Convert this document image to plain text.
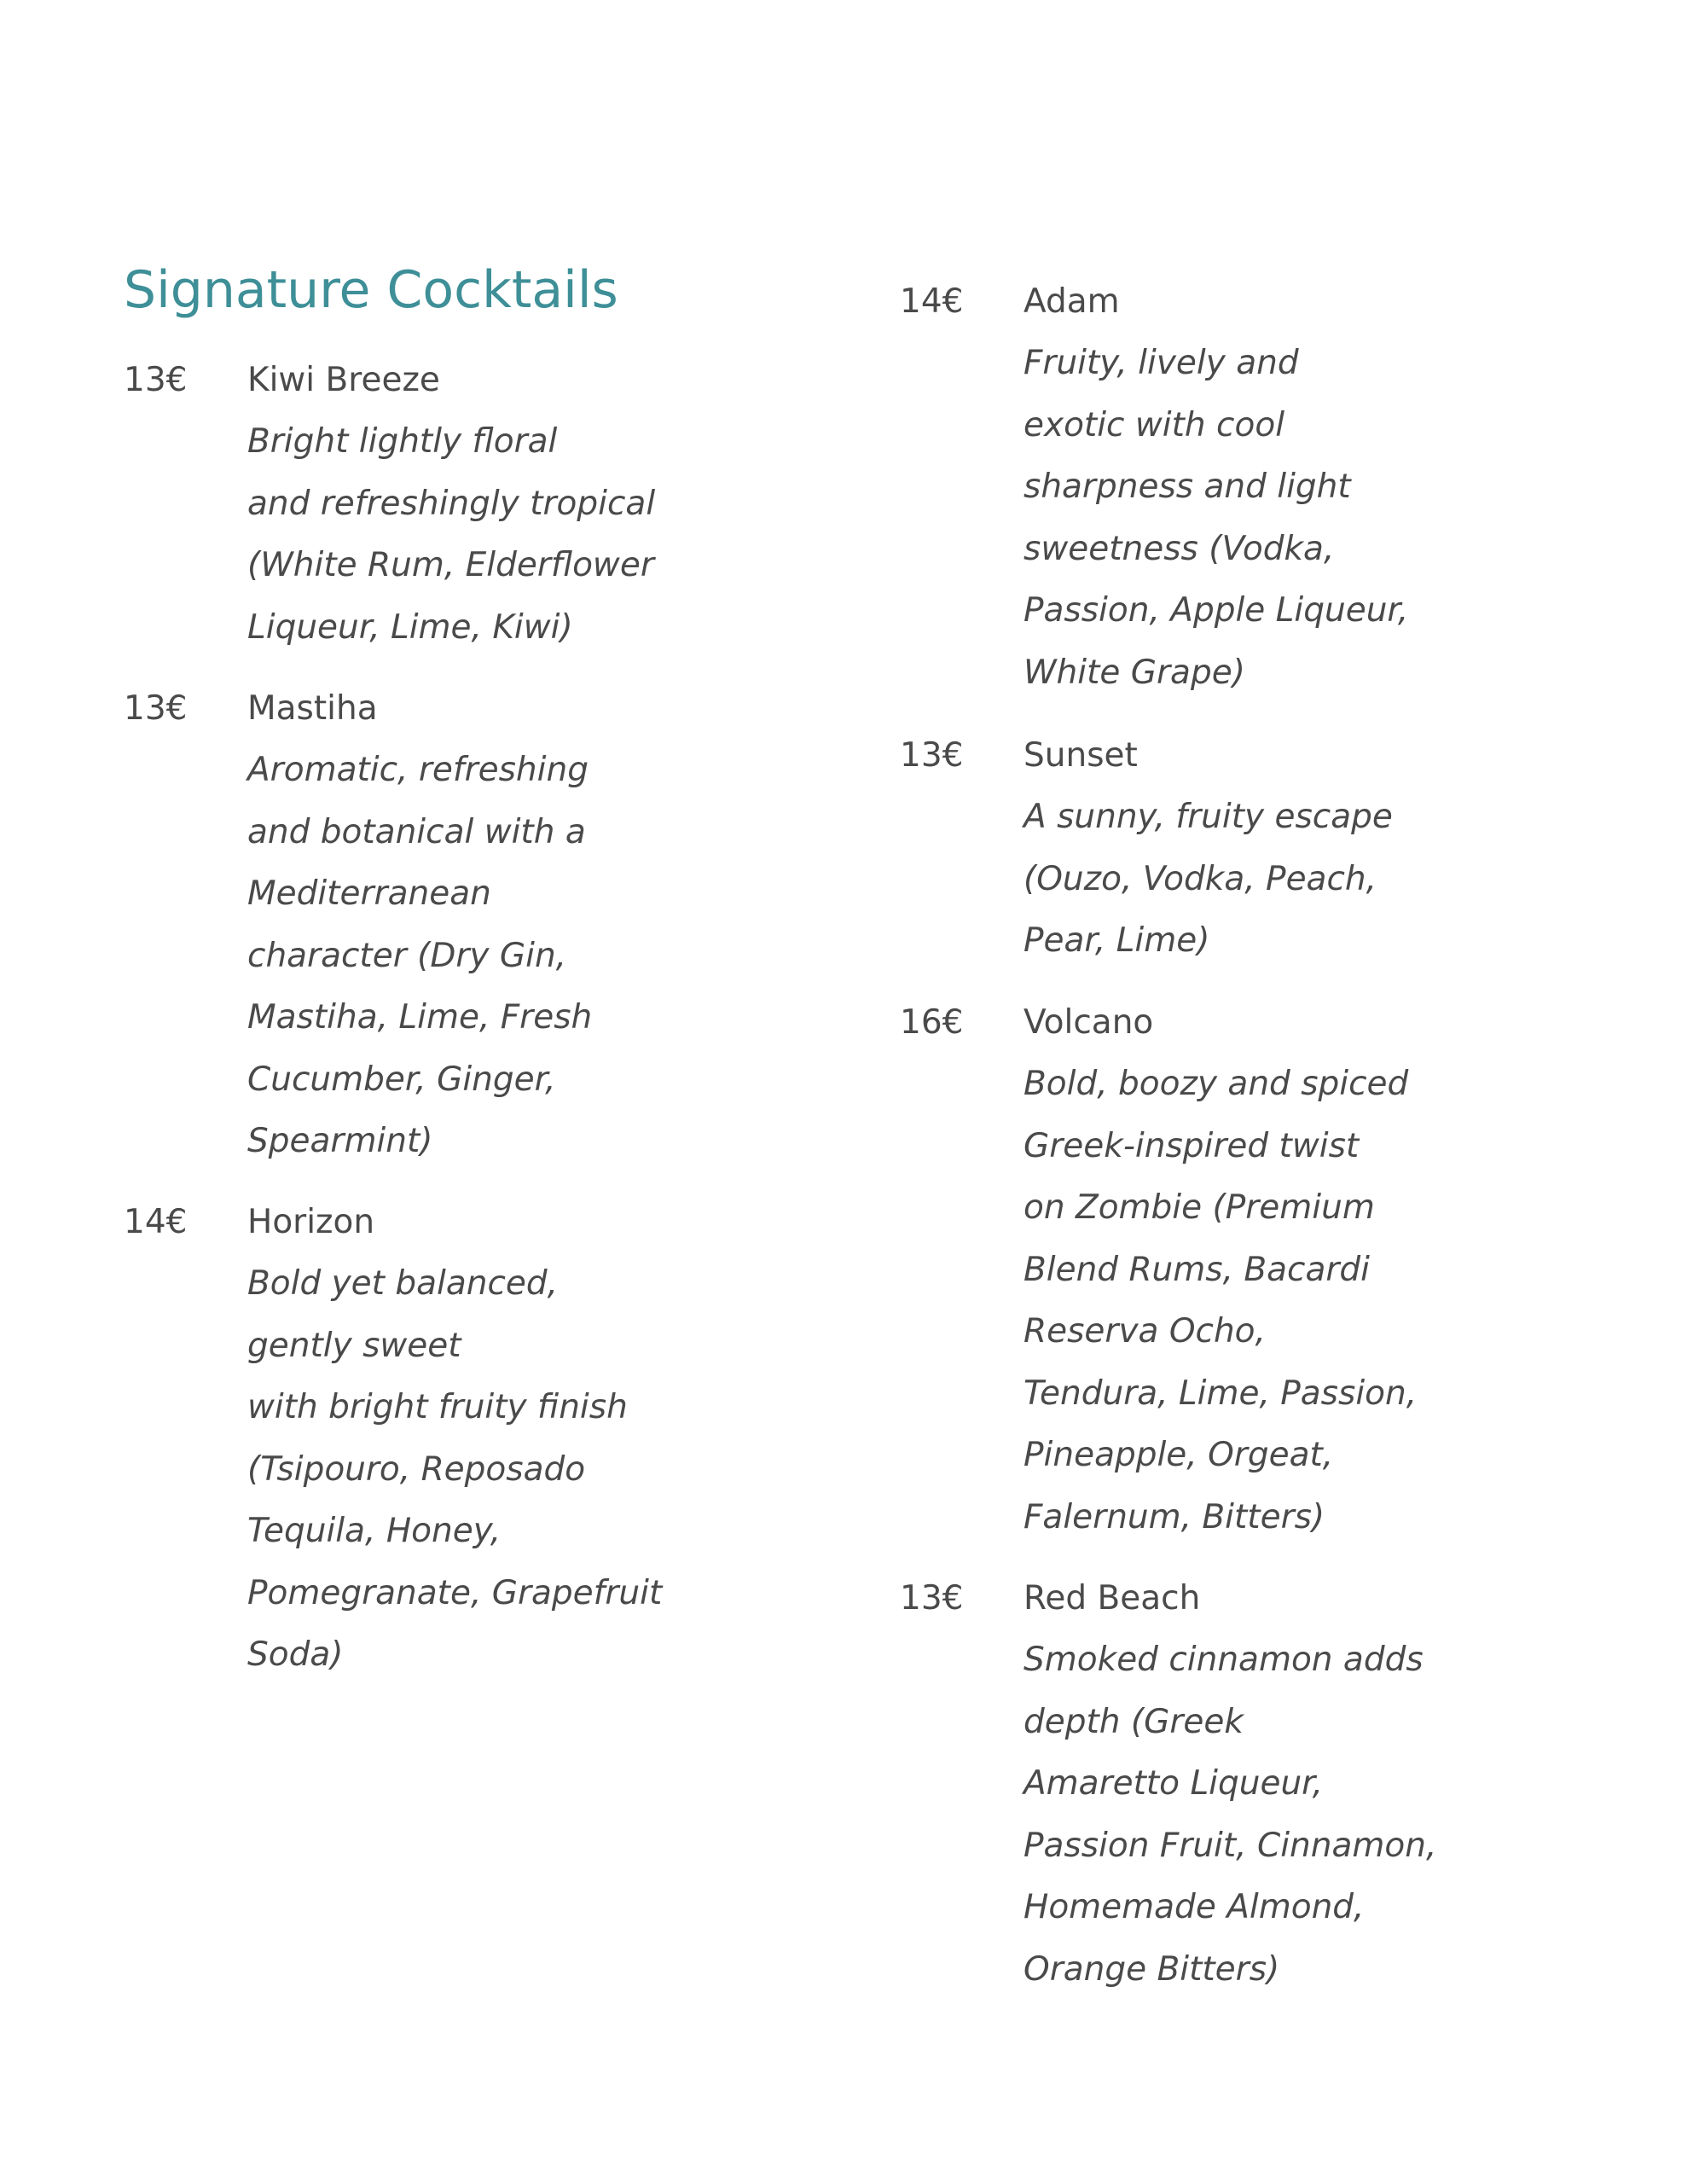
Signature Cocktails
13€ Kiwi Breeze
Bright lightly floral
and refreshingly tropical
(White Rum, Elderflower
Liqueur, Lime, Kiwi)
13€ Mastiha
Aromatic, refreshing
and botanical with a
Mediterranean
character (Dry Gin,
Mastiha, Lime, Fresh
Cucumber, Ginger,
Spearmint)
14€ Horizon
Bold yet balanced,
gently sweet
with bright fruity finish
(Tsipouro, Reposado
Tequila, Honey,
Pomegranate, Grapefruit
Soda)
14€ Adam
Fruity, lively and
exotic with cool
sharpness and light
sweetness (Vodka,
Passion, Apple Liqueur,
White Grape)
13€ Sunset
A sunny, fruity escape
(Ouzo, Vodka, Peach,
Pear, Lime)
16€ Volcano
Bold, boozy and spiced
Greek-inspired twist
on Zombie (Premium
Blend Rums, Bacardi
Reserva Ocho,
Tendura, Lime, Passion,
Pineapple, Orgeat,
Falernum, Bitters)
13€ Red Beach
Smoked cinnamon adds
depth (Greek
Amaretto Liqueur,
Passion Fruit, Cinnamon,
Homemade Almond,
Orange Bitters)
